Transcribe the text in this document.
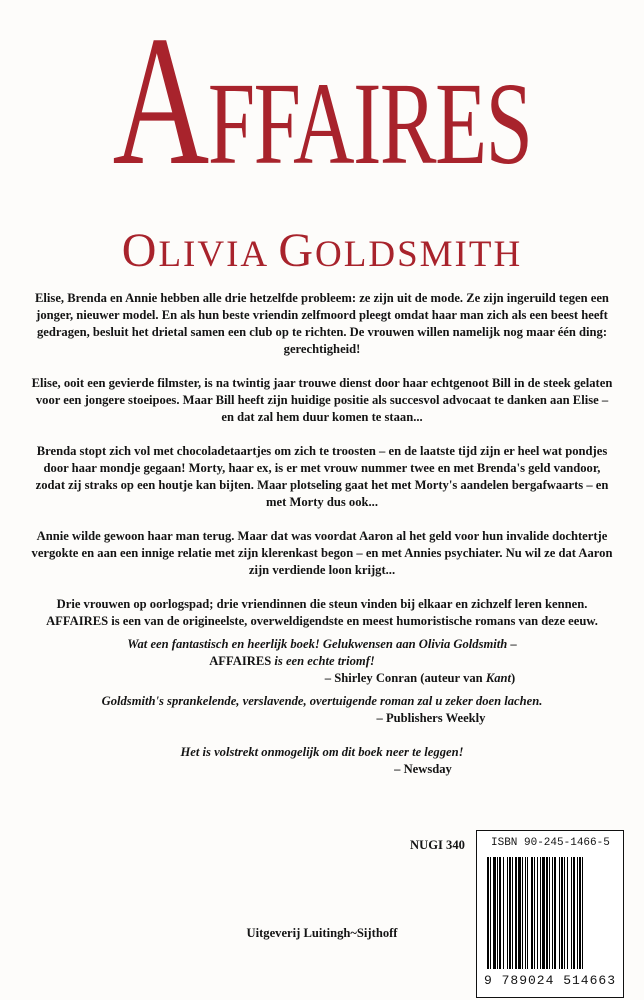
AFFAIRES
OLIVIA GOLDSMITH

Elise, Brenda en Annie hebben alle drie hetzelfde probleem: ze zijn uit de mode. Ze zijn ingeruild tegen een jonger, nieuwer model. En als hun beste vriendin zelfmoord pleegt omdat haar man zich als een beest heeft gedragen, besluit het drietal samen een club op te richten. De vrouwen willen namelijk nog maar één ding: gerechtigheid!

Elise, ooit een gevierde filmster, is na twintig jaar trouwe dienst door haar echtgenoot Bill in de steek gelaten voor een jongere stoeipoes. Maar Bill heeft zijn huidige positie als succesvol advocaat te danken aan Elise – en dat zal hem duur komen te staan...

Brenda stopt zich vol met chocoladetaartjes om zich te troosten – en de laatste tijd zijn er heel wat pondjes door haar mondje gegaan! Morty, haar ex, is er met vrouw nummer twee en met Brenda's geld vandoor, zodat zij straks op een houtje kan bijten. Maar plotseling gaat het met Morty's aandelen bergafwaarts – en met Morty dus ook...

Annie wilde gewoon haar man terug. Maar dat was voordat Aaron al het geld voor hun invalide dochtertje vergokte en aan een innige relatie met zijn klerenkast begon – en met Annies psychiater. Nu wil ze dat Aaron zijn verdiende loon krijgt...

Drie vrouwen op oorlogspad; drie vriendinnen die steun vinden bij elkaar en zichzelf leren kennen. AFFAIRES is een van de origineelste, overweldigendste en meest humoristische romans van deze eeuw.

Wat een fantastisch en heerlijk boek! Gelukwensen aan Olivia Goldsmith –
AFFAIRES is een echte triomf!
– Shirley Conran (auteur van Kant)
Goldsmith's sprankelende, verslavende, overtuigende roman zal u zeker doen lachen.
– Publishers Weekly
Het is volstrekt onmogelijk om dit boek neer te leggen!
– Newsday
NUGI 340 ISBN 90-245-1466-5
9 789024 514663
Uitgeverij Luitingh~Sijthoff
